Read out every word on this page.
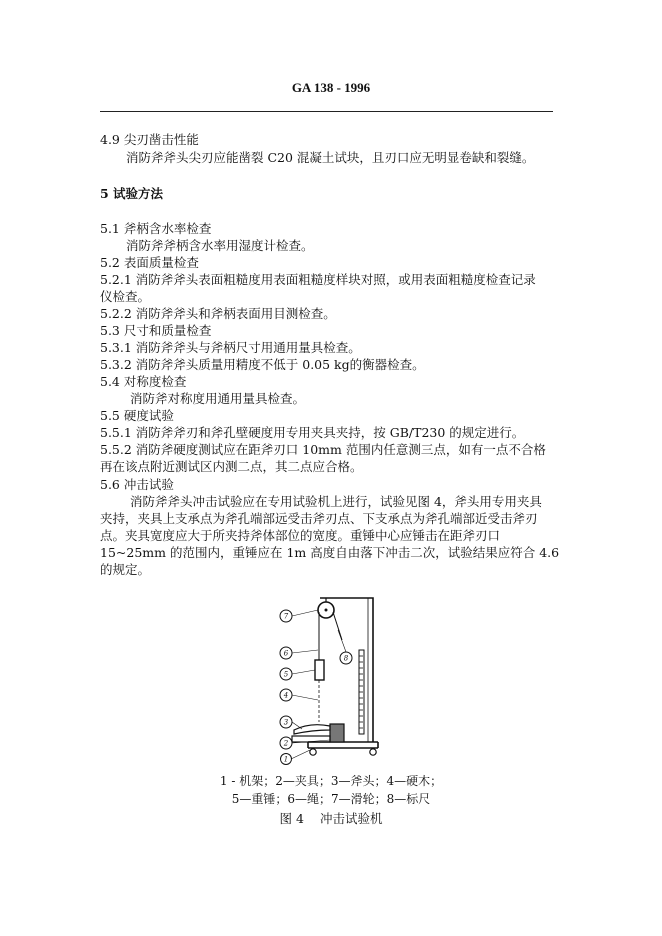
GA 138 - 1996
4.9 尖刃凿击性能
消防斧斧头尖刃应能凿裂 C20 混凝土试块，且刃口应无明显卷缺和裂缝。
5 试验方法
5.1 斧柄含水率检查
消防斧斧柄含水率用湿度计检查。
5.2 表面质量检查
5.2.1 消防斧斧头表面粗糙度用表面粗糙度样块对照，或用表面粗糙度检查记录
仪检查。
5.2.2 消防斧斧头和斧柄表面用目测检查。
5.3 尺寸和质量检查
5.3.1 消防斧斧头与斧柄尺寸用通用量具检查。
5.3.2 消防斧斧头质量用精度不低于 0.05 kg的衡器检查。
5.4 对称度检查
消防斧对称度用通用量具检查。
5.5 硬度试验
5.5.1 消防斧斧刃和斧孔壁硬度用专用夹具夹持，按 GB/T230 的规定进行。
5.5.2 消防斧硬度测试应在距斧刃口 10mm 范围内任意测三点，如有一点不合格
再在该点附近测试区内测二点，其二点应合格。
5.6 冲击试验
消防斧斧头冲击试验应在专用试验机上进行，试验见图 4，斧头用专用夹具
夹持，夹具上支承点为斧孔端部远受击斧刃点、下支承点为斧孔端部近受击斧刃
点。夹具宽度应大于所夹持斧体部位的宽度。重锤中心应锤击在距斧刃口
15~25mm 的范围内，重锤应在 1m 高度自由落下冲击二次，试验结果应符合 4.6
的规定。
7
6
5
4
8
3
2
1
1 - 机架；2—夹具；3—斧头；4—硬木；
5—重锤；6—绳；7—滑轮；8—标尺
图 4 冲击试验机
